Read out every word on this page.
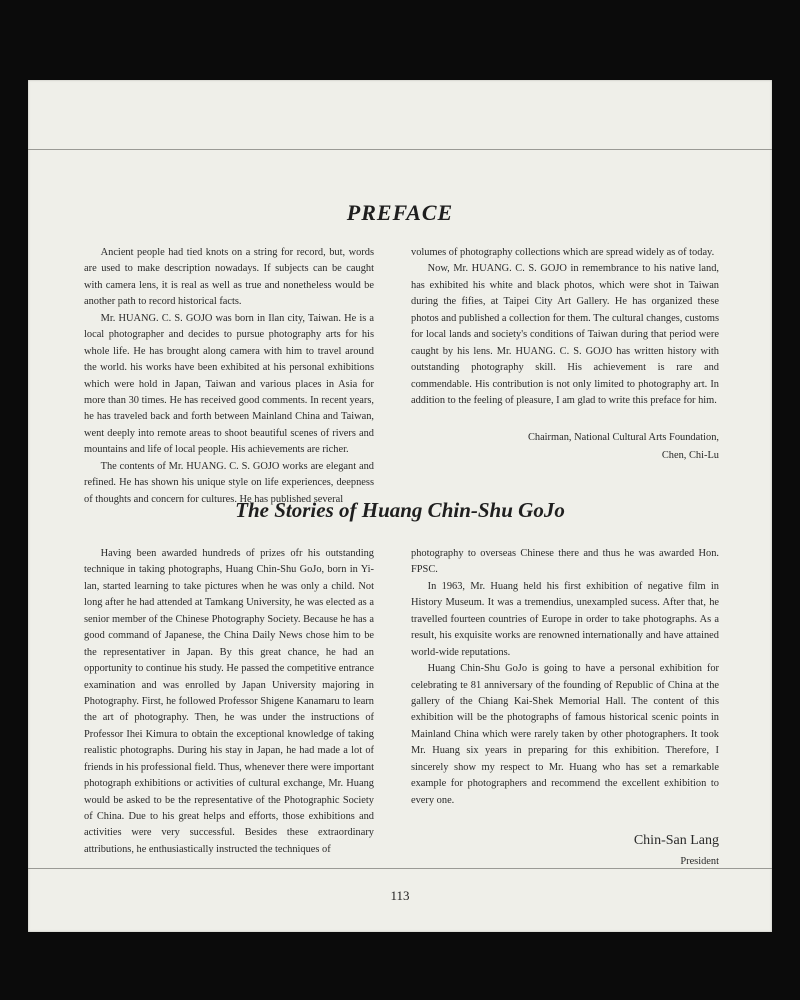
PREFACE

Ancient people had tied knots on a string for record, but, words are used to make description nowadays. If subjects can be caught with camera lens, it is real as well as true and nonetheless would be another path to record historical facts.

Mr. HUANG. C. S. GOJO was born in Ilan city, Taiwan. He is a local photographer and decides to pursue photography arts for his whole life. He has brought along camera with him to travel around the world. his works have been exhibited at his personal exhibitions which were hold in Japan, Taiwan and various places in Asia for more than 30 times. He has received good comments. In recent years, he has traveled back and forth between Mainland China and Taiwan, went deeply into remote areas to shoot beautiful scenes of rivers and mountains and life of local people. His achievements are richer.

The contents of Mr. HUANG. C. S. GOJO works are elegant and refined. He has shown his unique style on life experiences, deepness of thoughts and concern for cultures. He has published several

volumes of photography collections which are spread widely as of today.

Now, Mr. HUANG. C. S. GOJO in remembrance to his native land, has exhibited his white and black photos, which were shot in Taiwan during the fifies, at Taipei City Art Gallery. He has organized these photos and published a collection for them. The cultural changes, customs for local lands and society's conditions of Taiwan during that period were caught by his lens. Mr. HUANG. C. S. GOJO has written history with outstanding photography skill. His achievement is rare and commendable. His contribution is not only limited to photography art. In addition to the feeling of pleasure, I am glad to write this preface for him.

Chairman, National Cultural Arts Foundation,
Chen, Chi-Lu
The Stories of Huang Chin-Shu GoJo

Having been awarded hundreds of prizes ofr his outstanding technique in taking photographs, Huang Chin-Shu GoJo, born in Yi-lan, started learning to take pictures when he was only a child. Not long after he had attended at Tamkang University, he was elected as a senior member of the Chinese Photography Society. Because he has a good command of Japanese, the China Daily News chose him to be the representativer in Japan. By this great chance, he had an opportunity to continue his study. He passed the competitive entrance examination and was enrolled by Japan University majoring in Photography. First, he followed Professor Shigene Kanamaru to learn the art of photography. Then, he was under the instructions of Professor Ihei Kimura to obtain the exceptional knowledge of taking realistic photographs. During his stay in Japan, he had made a lot of friends in his professional field. Thus, whenever there were important photograph exhibitions or activities of cultural exchange, Mr. Huang would be asked to be the representative of the Photographic Society of China. Due to his great helps and efforts, those exhibitions and activities were very successful. Besides these extraordinary attributions, he enthusiastically instructed the techniques of

photography to overseas Chinese there and thus he was awarded Hon. FPSC.

In 1963, Mr. Huang held his first exhibition of negative film in History Museum. It was a tremendius, unexampled sucess. After that, he travelled fourteen countries of Europe in order to take photographs. As a result, his exquisite works are renowned internationally and have attained world-wide reputations.

Huang Chin-Shu GoJo is going to have a personal exhibition for celebrating te 81 anniversary of the founding of Republic of China at the gallery of the Chiang Kai-Shek Memorial Hall. The content of this exhibition will be the photographs of famous historical scenic points in Mainland China which were rarely taken by other photographers. It took Mr. Huang six years in preparing for this exhibition. Therefore, I sincerely show my respect to Mr. Huang who has set a remarkable example for photographers and recommend the excellent exhibition to every one.

Chin-San Lang
President
113
